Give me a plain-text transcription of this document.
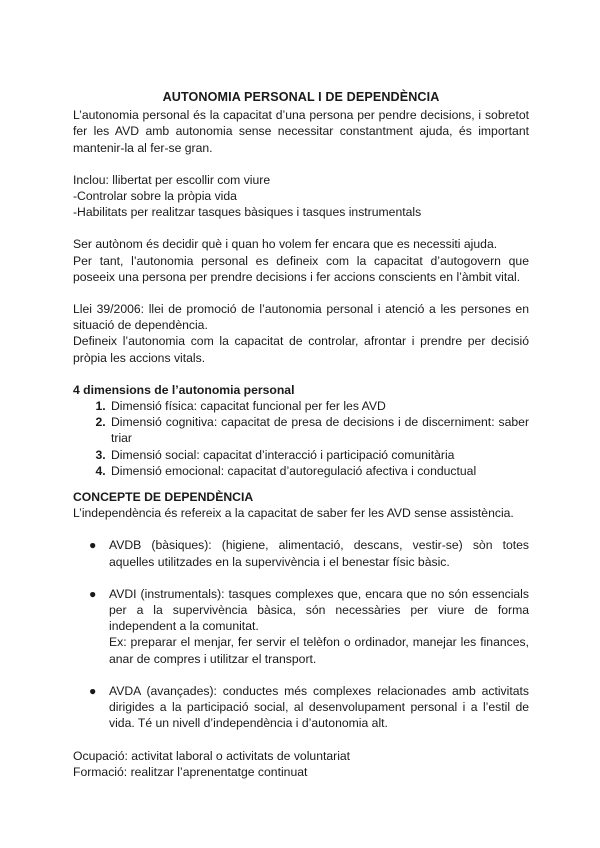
AUTONOMIA PERSONAL I DE DEPENDÈNCIA

L’autonomia personal és la capacitat d’una persona per pendre decisions, i sobretot fer les AVD amb autonomia sense necessitar constantment ajuda, és important mantenir-la al fer-se gran.

Inclou: llibertat per escollir com viure

-Controlar sobre la pròpia vida

-Habilitats per realitzar tasques bàsiques i tasques instrumentals

Ser autònom és decidir què i quan ho volem fer encara que es necessiti ajuda.

Per tant, l’autonomia personal es defineix com la capacitat d’autogovern que poseeix una persona per prendre decisions i fer accions conscients en l’àmbit vital.

Llei 39/2006: llei de promoció de l’autonomia personal i atenció a les persones en situació de dependència.

Defineix l’autonomia com la capacitat de controlar, afrontar i prendre per decisió pròpia les accions vitals.

4 dimensions de l’autonomia personal
1. Dimensió física: capacitat funcional per fer les AVD
2. Dimensió cognitiva: capacitat de presa de decisions i de discerniment: saber triar
3. Dimensió social: capacitat d’interacció i participació comunitària
4. Dimensió emocional: capacitat d’autoregulació afectiva i conductual
CONCEPTE DE DEPENDÈNCIA

L’independència és refereix a la capacitat de saber fer les AVD sense assistència.

● AVDB (bàsiques): (higiene, alimentació, descans, vestir-se) sòn totes aquelles utilitzades en la supervivència i el benestar físic bàsic.
● AVDI (instrumentals): tasques complexes que, encara que no són essencials per a la supervivència bàsica, són necessàries per viure de forma independent a la comunitat.
Ex: preparar el menjar, fer servir el telèfon o ordinador, manejar les finances, anar de compres i utilitzar el transport.
● AVDA (avançades): conductes més complexes relacionades amb activitats dirigides a la participació social, al desenvolupament personal i a l’estil de vida. Té un nivell d’independència i d’autonomia alt.

Ocupació: activitat laboral o activitats de voluntariat

Formació: realitzar l’aprenentatge continuat
